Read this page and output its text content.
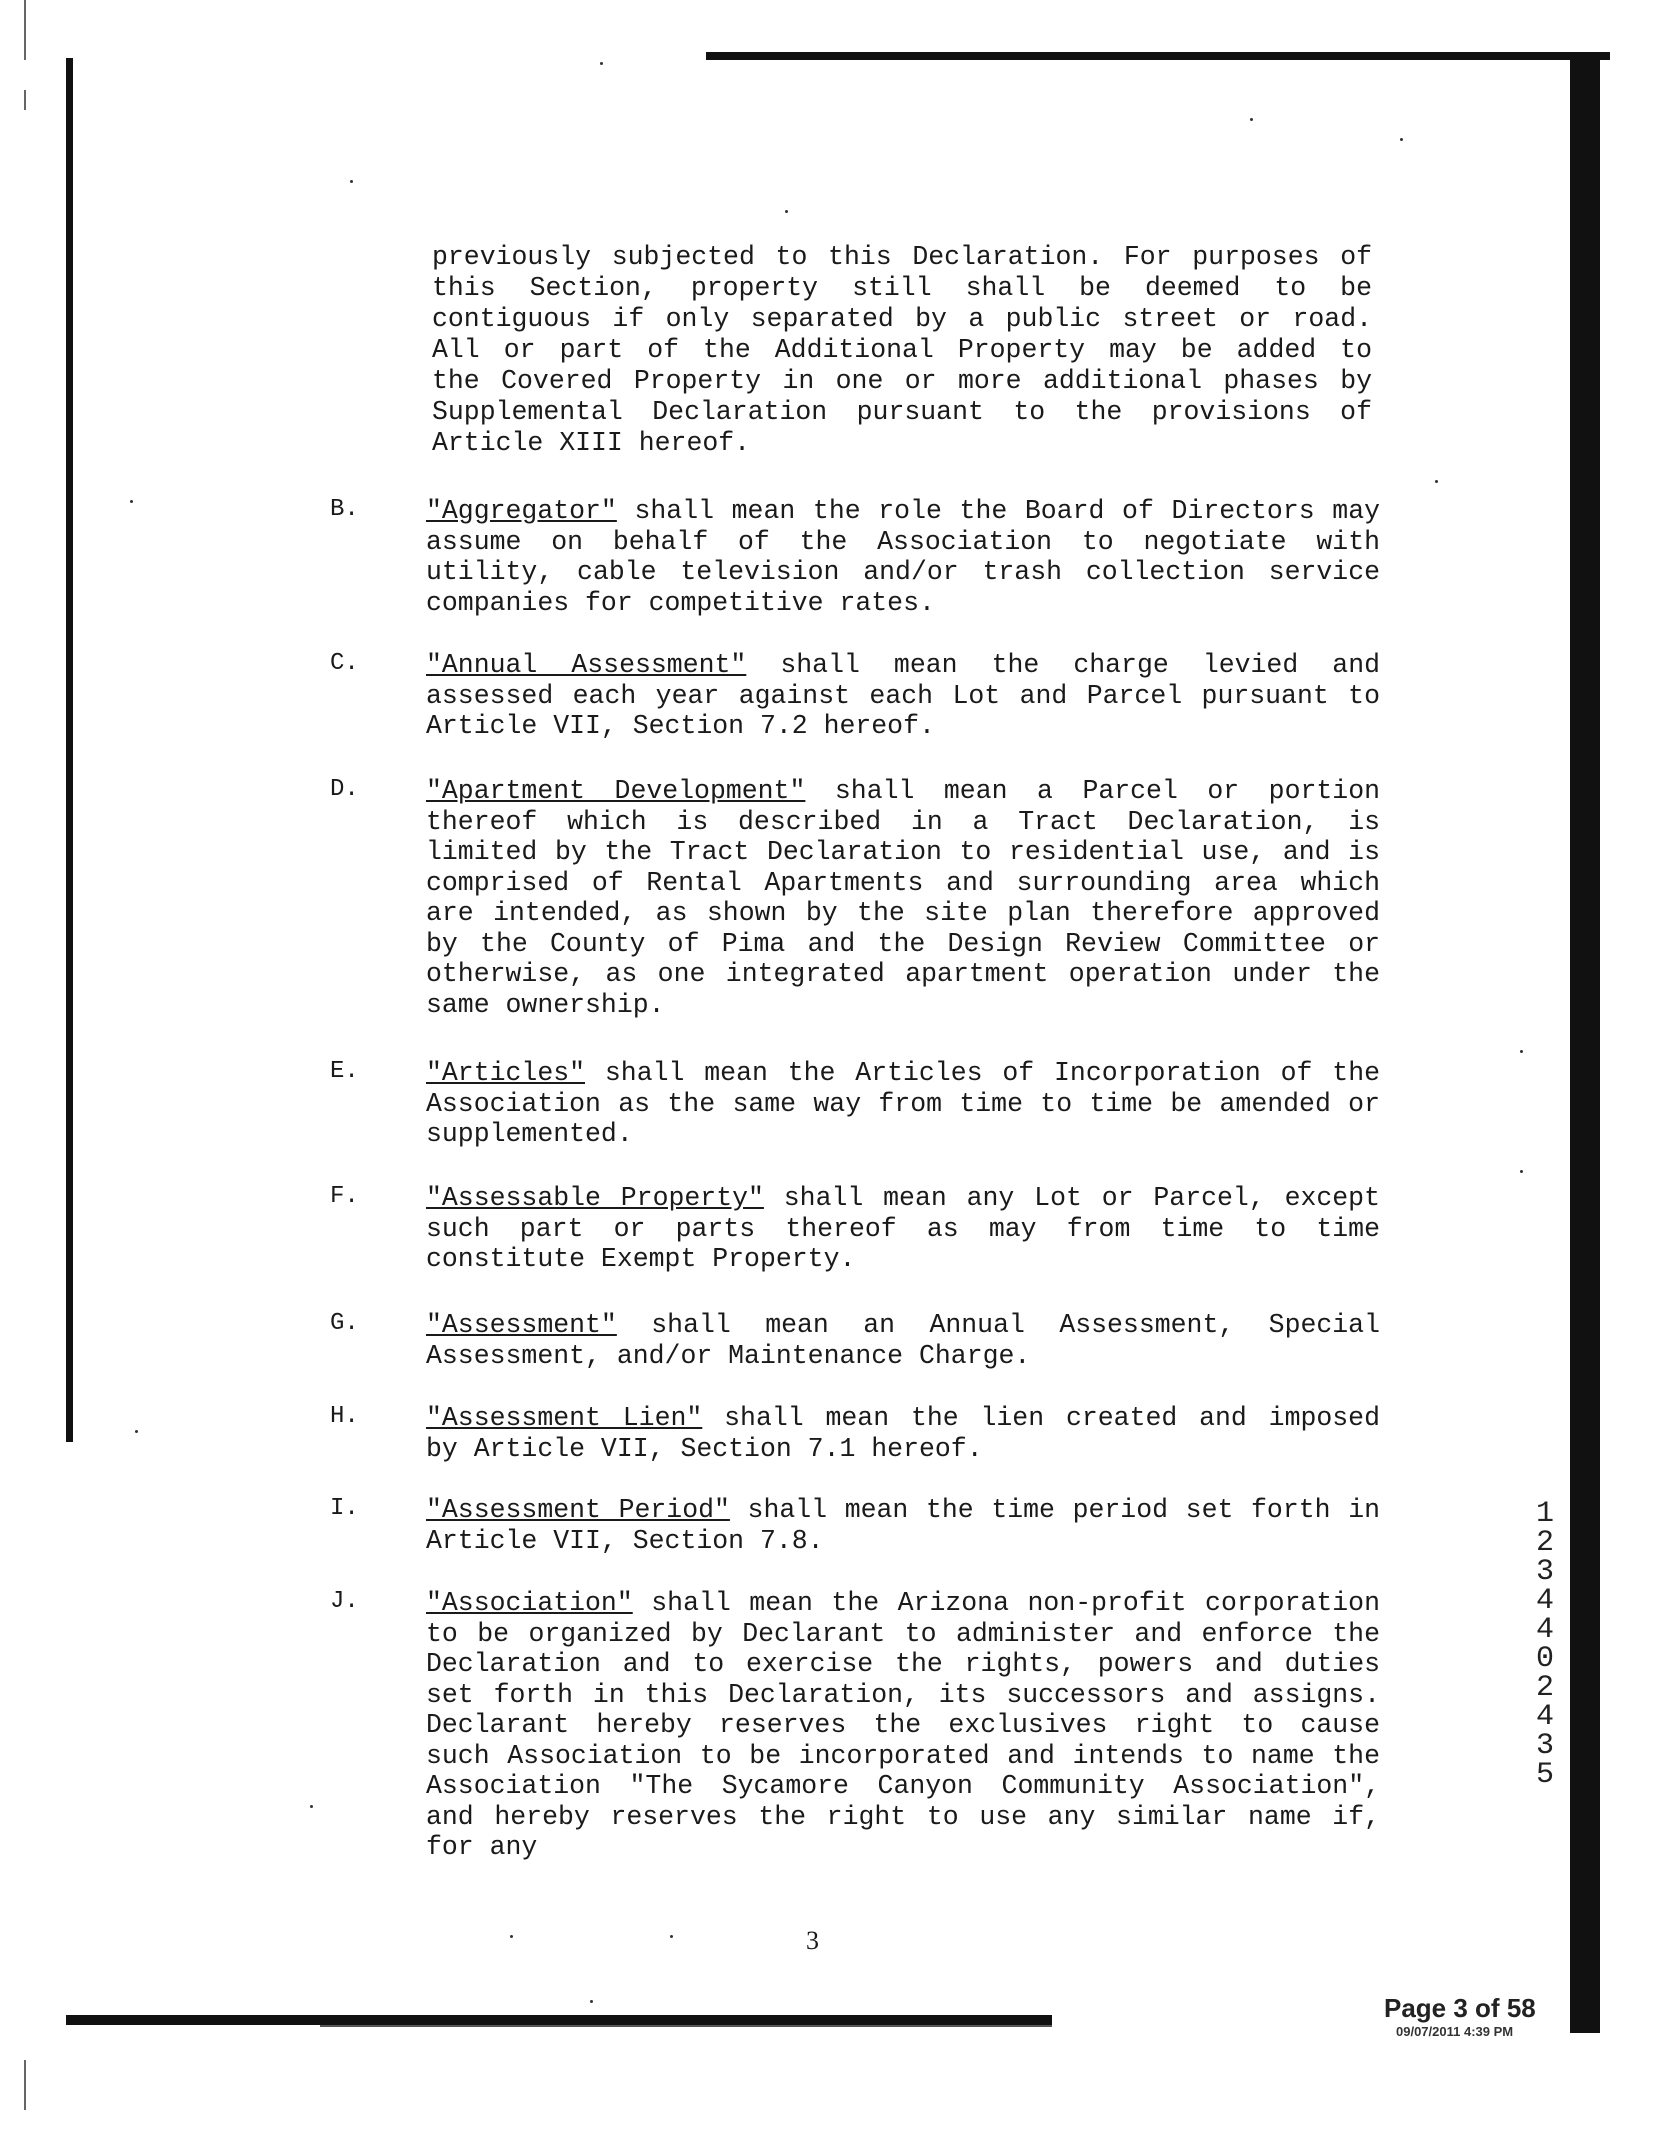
previously subjected to this Declaration. For purposes of
this Section, property still shall be deemed to be
contiguous if only separated by a public street or road.
All or part of the Additional Property may be added to
the Covered Property in one or more additional phases by
Supplemental Declaration pursuant to the provisions of
Article XIII hereof.
B.	"Aggregator" shall mean the role the Board of Directors may assume on behalf of the Association to negotiate with utility, cable television and/or trash collection service companies for competitive rates.
C.	"Annual Assessment" shall mean the charge levied and assessed each year against each Lot and Parcel pursuant to Article VII, Section 7.2 hereof.
D.	"Apartment Development" shall mean a Parcel or portion thereof which is described in a Tract Declaration, is limited by the Tract Declaration to residential use, and is comprised of Rental Apartments and surrounding area which are intended, as shown by the site plan therefore approved by the County of Pima and the Design Review Committee or otherwise, as one integrated apartment operation under the same ownership.
E.	"Articles" shall mean the Articles of Incorporation of the Association as the same way from time to time be amended or supplemented.
F.	"Assessable Property" shall mean any Lot or Parcel, except such part or parts thereof as may from time to time constitute Exempt Property.
G.	"Assessment" shall mean an Annual Assessment, Special Assessment, and/or Maintenance Charge.
H.	"Assessment Lien" shall mean the lien created and imposed by Article VII, Section 7.1 hereof.
I.	"Assessment Period" shall mean the time period set forth in Article VII, Section 7.8.
J.	"Association" shall mean the Arizona non-profit corporation to be organized by Declarant to administer and enforce the Declaration and to exercise the rights, powers and duties set forth in this Declaration, its successors and assigns. Declarant hereby reserves the exclusives right to cause such Association to be incorporated and intends to name the Association "The Sycamore Canyon Community Association", and hereby reserves the right to use any similar name if, for any
1
2
3
4
4
0
2
4
3
5
3
Page 3 of 58
09/07/2011 4:39 PM
